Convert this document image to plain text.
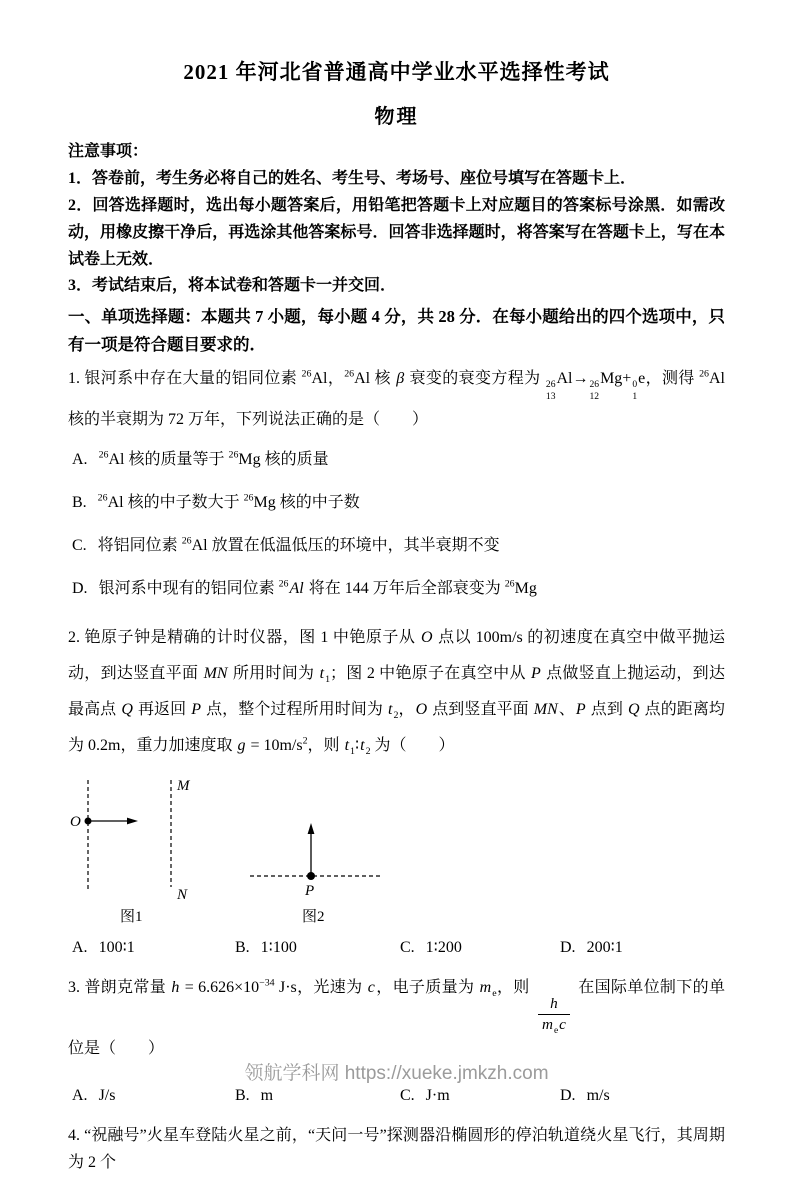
2021 年河北省普通高中学业水平选择性考试
物理

注意事项：

1．答卷前，考生务必将自己的姓名、考生号、考场号、座位号填写在答题卡上．

2．回答选择题时，选出每小题答案后，用铅笔把答题卡上对应题目的答案标号涂黑．如需改动，用橡皮擦干净后，再选涂其他答案标号．回答非选择题时，将答案写在答题卡上，写在本试卷上无效．

3．考试结束后，将本试卷和答题卡一并交回．

一、单项选择题：本题共 7 小题，每小题 4 分，共 28 分．在每小题给出的四个选项中，只有一项是符合题目要求的．

1. 银河系中存在大量的铝同位素 $^{26}$Al，$^{26}$Al 核 β 衰变的衰变方程为 26
13
Al→ 26
12
Mg+ 0
1
e，测得 $^{26}$Al 核的半衰期为 72 万年，下列说法正确的是（　　）

A. $^{26}$Al 核的质量等于 $^{26}$Mg 核的质量

B. $^{26}$Al 核的中子数大于 $^{26}$Mg 核的中子数

C. 将铝同位素 $^{26}$Al 放置在低温低压的环境中，其半衰期不变

D. 银河系中现有的铝同位素 $^{26}$Al 将在 144 万年后全部衰变为 $^{26}$Mg

2. 铯原子钟是精确的计时仪器，图 1 中铯原子从 O 点以 100m/s 的初速度在真空中做平抛运动，到达竖直平面 MN 所用时间为 $t_1$；图 2 中铯原子在真空中从 P 点做竖直上抛运动，到达最高点 Q 再返回 P 点，整个过程所用时间为 $t_2$，O 点到竖直平面 MN、P 点到 Q 点的距离均为 0.2m，重力加速度取 $g = 10m/s^2$，则 $t_1∶t_2$ 为（　　）

O
M
N
图1
P
图2
A. 100∶1	B. 1∶100	C. 1∶200	D. 200∶1

3. 普朗克常量 $h = 6.626\times 10^{-34}$ J·s，光速为 c，电子质量为 $m_e$，则
$\frac{h}{m_ec}$
在国际单位制下的单位是（　　）

A. J/s	B. m	C. J·m	D. m/s

4. “祝融号”火星车登陆火星之前，“天问一号”探测器沿椭圆形的停泊轨道绕火星飞行，其周期为 2 个

领航学科网 https://xueke.jmkzh.com
